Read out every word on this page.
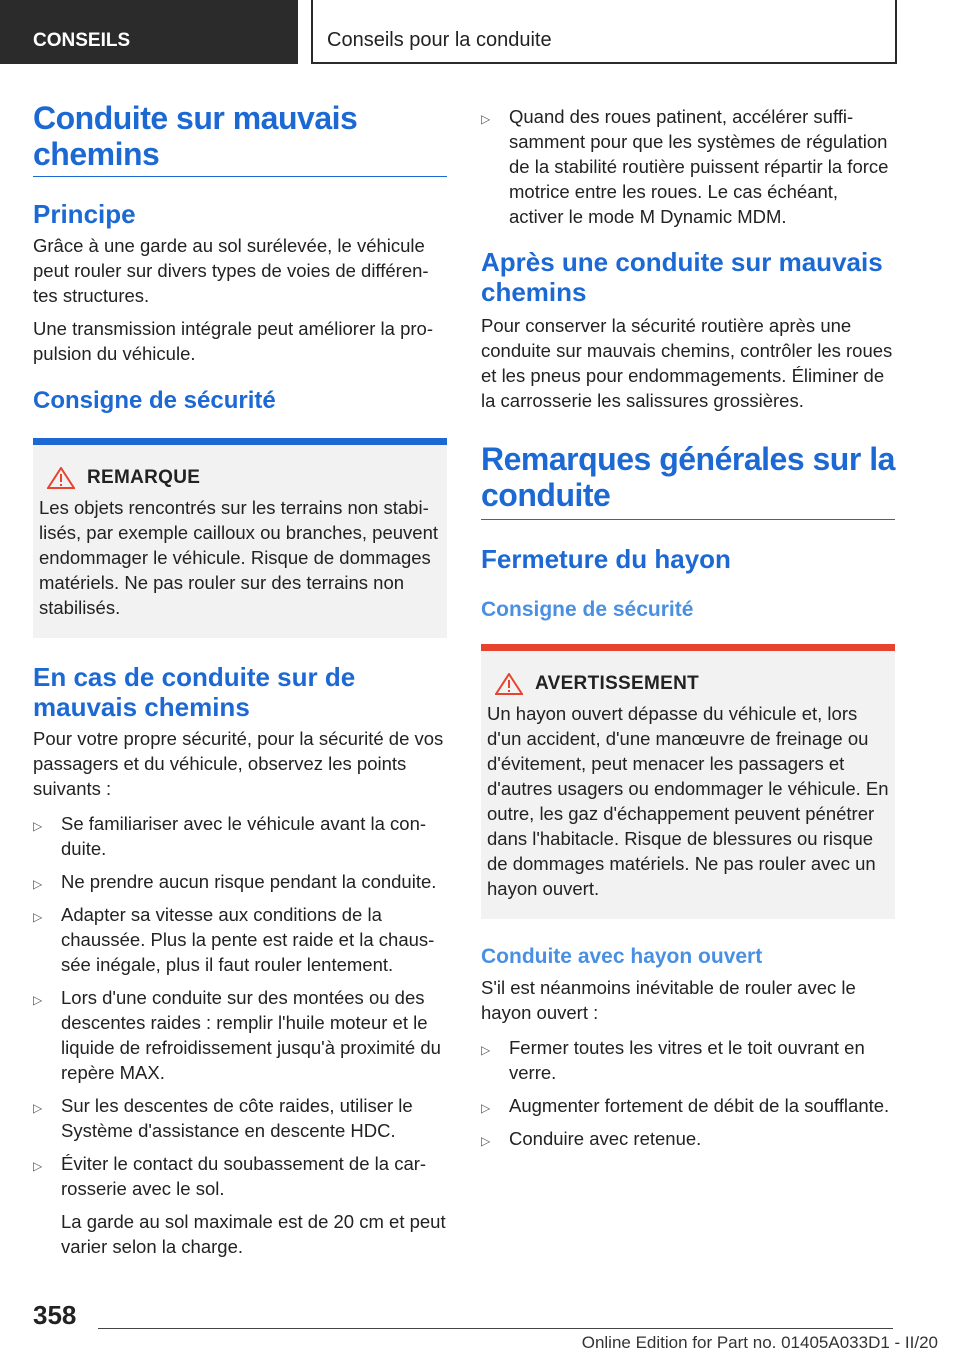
CONSEILS	Conseils pour la conduite
Conduite sur mauvais chemins
Principe

Grâce à une garde au sol surélevée, le véhicule peut rouler sur divers types de voies de différentes structures.

Une transmission intégrale peut améliorer la propulsion du véhicule.

Consigne de sécurité
REMARQUE

Les objets rencontrés sur les terrains non stabilisés, par exemple cailloux ou branches, peuvent endommager le véhicule. Risque de dommages matériels. Ne pas rouler sur des terrains non stabilisés.

En cas de conduite sur de mauvais chemins

Pour votre propre sécurité, pour la sécurité de vos passagers et du véhicule, observez les points suivants :

▷ Se familiariser avec le véhicule avant la conduite.
▷ Ne prendre aucun risque pendant la conduite.
▷ Adapter sa vitesse aux conditions de la chaussée. Plus la pente est raide et la chaussée inégale, plus il faut rouler lentement.
▷ Lors d'une conduite sur des montées ou des descentes raides : remplir l'huile moteur et le liquide de refroidissement jusqu'à proximité du repère MAX.
▷ Sur les descentes de côte raides, utiliser le Système d'assistance en descente HDC.
▷ Éviter le contact du soubassement de la carrosserie avec le sol.

La garde au sol maximale est de 20 cm et peut varier selon la charge.

▷ Quand des roues patinent, accélérer suffisamment pour que les systèmes de régulation de la stabilité routière puissent répartir la force motrice entre les roues. Le cas échéant, activer le mode M Dynamic MDM.
Après une conduite sur mauvais chemins

Pour conserver la sécurité routière après une conduite sur mauvais chemins, contrôler les roues et les pneus pour endommagements. Éliminer de la carrosserie les salissures grossières.

Remarques générales sur la conduite
Fermeture du hayon
Consigne de sécurité
AVERTISSEMENT

Un hayon ouvert dépasse du véhicule et, lors d'un accident, d'une manœuvre de freinage ou d'évitement, peut menacer les passagers et d'autres usagers ou endommager le véhicule. En outre, les gaz d'échappement peuvent pénétrer dans l'habitacle. Risque de blessures ou risque de dommages matériels. Ne pas rouler avec un hayon ouvert.

Conduite avec hayon ouvert

S'il est néanmoins inévitable de rouler avec le hayon ouvert :

▷ Fermer toutes les vitres et le toit ouvrant en verre.
▷ Augmenter fortement de débit de la soufflante.
▷ Conduire avec retenue.
358
Online Edition for Part no. 01405A033D1 - II/20
